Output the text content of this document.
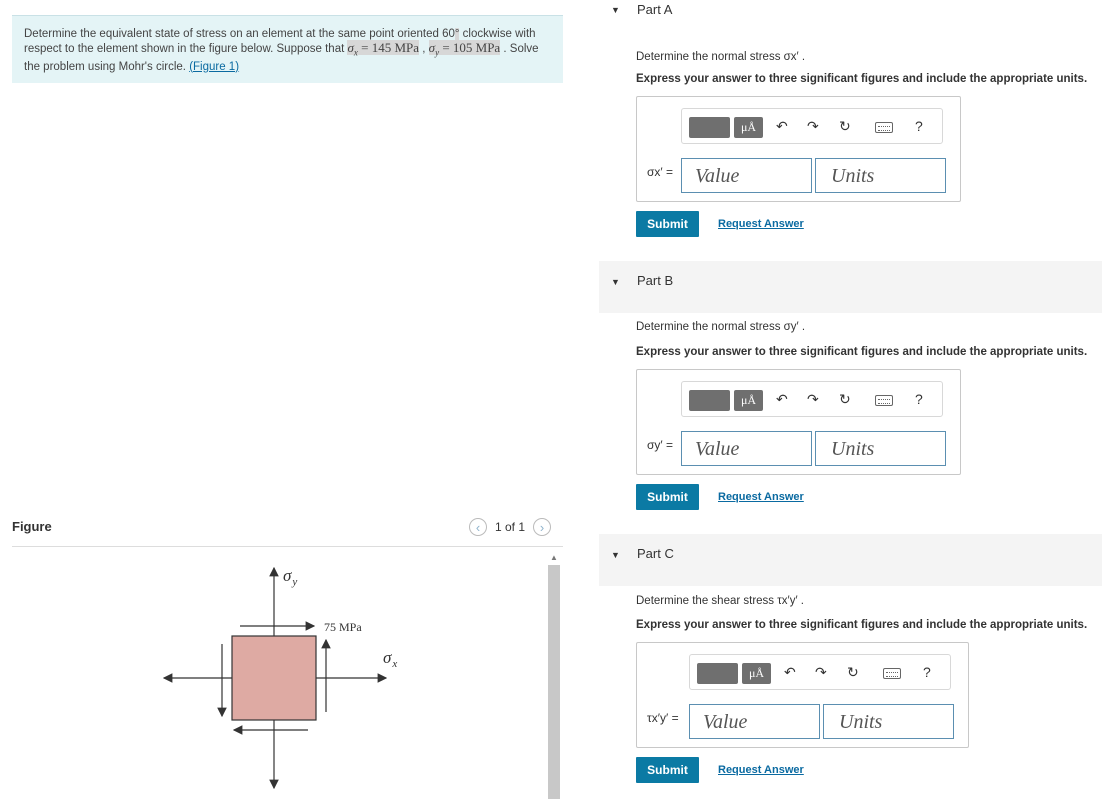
Determine the equivalent state of stress on an element at the same point oriented 60° clockwise with respect to the element shown in the figure below. Suppose that $\sigma_x = 145$ MPa , $\sigma_y = 105$ MPa . Solve the problem using Mohr's circle. (Figure 1)
Figure	‹	1 of 1	›
$\sigma_y$
75 MPa
$\sigma_x$
▲
▼ Part A
Determine the normal stress σx′ .
Express your answer to three significant figures and include the appropriate units.
μÅ	↶ ↷ ↻	?
σx′ =	Value	Units
Submit	Request Answer
▼ Part B
Determine the normal stress σy′ .
Express your answer to three significant figures and include the appropriate units.
μÅ	↶ ↷ ↻	?
σy′ =	Value	Units
Submit	Request Answer
▼ Part C
Determine the shear stress τx′y′ .
Express your answer to three significant figures and include the appropriate units.
μÅ	↶ ↷ ↻	?
τx′y′ =	Value	Units
Submit	Request Answer
